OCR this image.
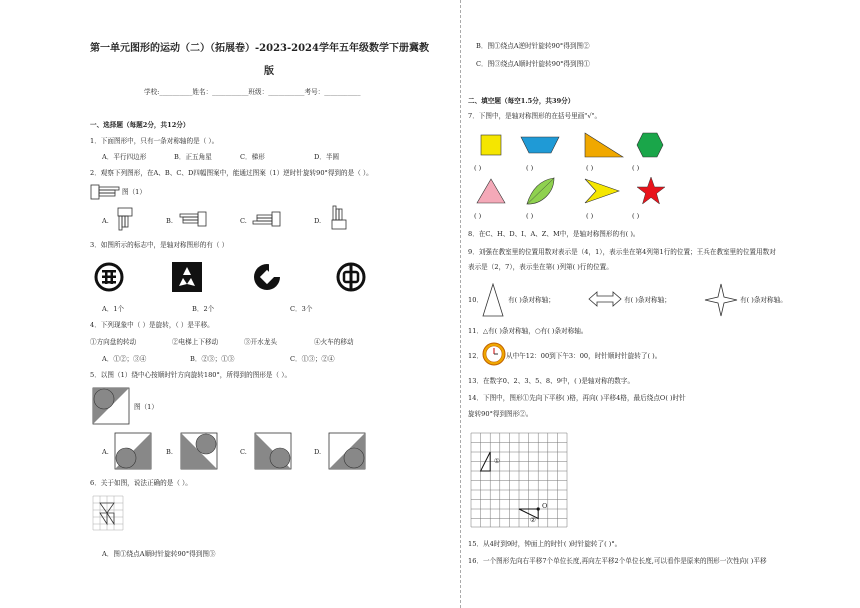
第一单元图形的运动（二）（拓展卷）-2023-2024学年五年级数学下册冀教
版
学校:__________姓名：___________班级：___________考号：___________
一、选择题（每题2分，共12分）
1．下面图形中，只有一条对称轴的是（ ）。
A．平行四边形	B．正五角星	C．梯形	D．半圆
2．观察下列图形，在A、B、C、D四幅图案中，能通过图案（1）逆时针旋转90°得到的是（ ）。
图（1）
A.	B.	C.	D.
3．如图所示的标志中，是轴对称图形的有（ ）
A．1个	B．2个	C．3个
4．下列现象中（ ）是旋转，（ ）是平移。
①方向盘的转动	②电梯上下移动	③开水龙头	④火车的移动
A．①②；③④	B．②③；①③	C．①③；②④
5．以图（1）绕中心按顺时针方向旋转180°，所得到的图形是（ ）。
图（1）
A.	B.	C.	D.
6．关于如图，说法正确的是（ ）。
A．图①绕点A顺时针旋转90°得到图③
B．图①绕点A逆时针旋转90°得到图②
C．图③绕点A顺时针旋转90°得到图①
二、填空题（每空1.5分，共39分）
7．下图中，是轴对称图形的在括号里画"√"。
( )	( )	( )	( )
( )	( )	( )	( )
8．在C、H、D、I、A、Z、M中，是轴对称图形的有( )。
9．刘强在教室里的位置用数对表示是（4，1），表示坐在第4列第1行的位置；王兵在教室里的位置用数对
表示是（2，7），表示坐在第( )列第( )行的位置。
10．	有( )条对称轴；	有( )条对称轴；	有( )条对称轴。
11．△有( )条对称轴，○有( )条对称轴。
12．	从中午12：00到下午3：00，时针顺时针旋转了( )。
13．在数字0、2、3、5、8、9中，( )是轴对称的数字。
14．下图中，图形①先向下平移( )格，再向( )平移4格，最后绕点O( )时针
旋转90°得到图形②。
①
②
O
15．从4时到9时，钟面上的时针( )时针旋转了( )°。
16．一个图形先向右平移7个单位长度,再向左平移2个单位长度,可以看作是原来的图形一次性向( )平移
